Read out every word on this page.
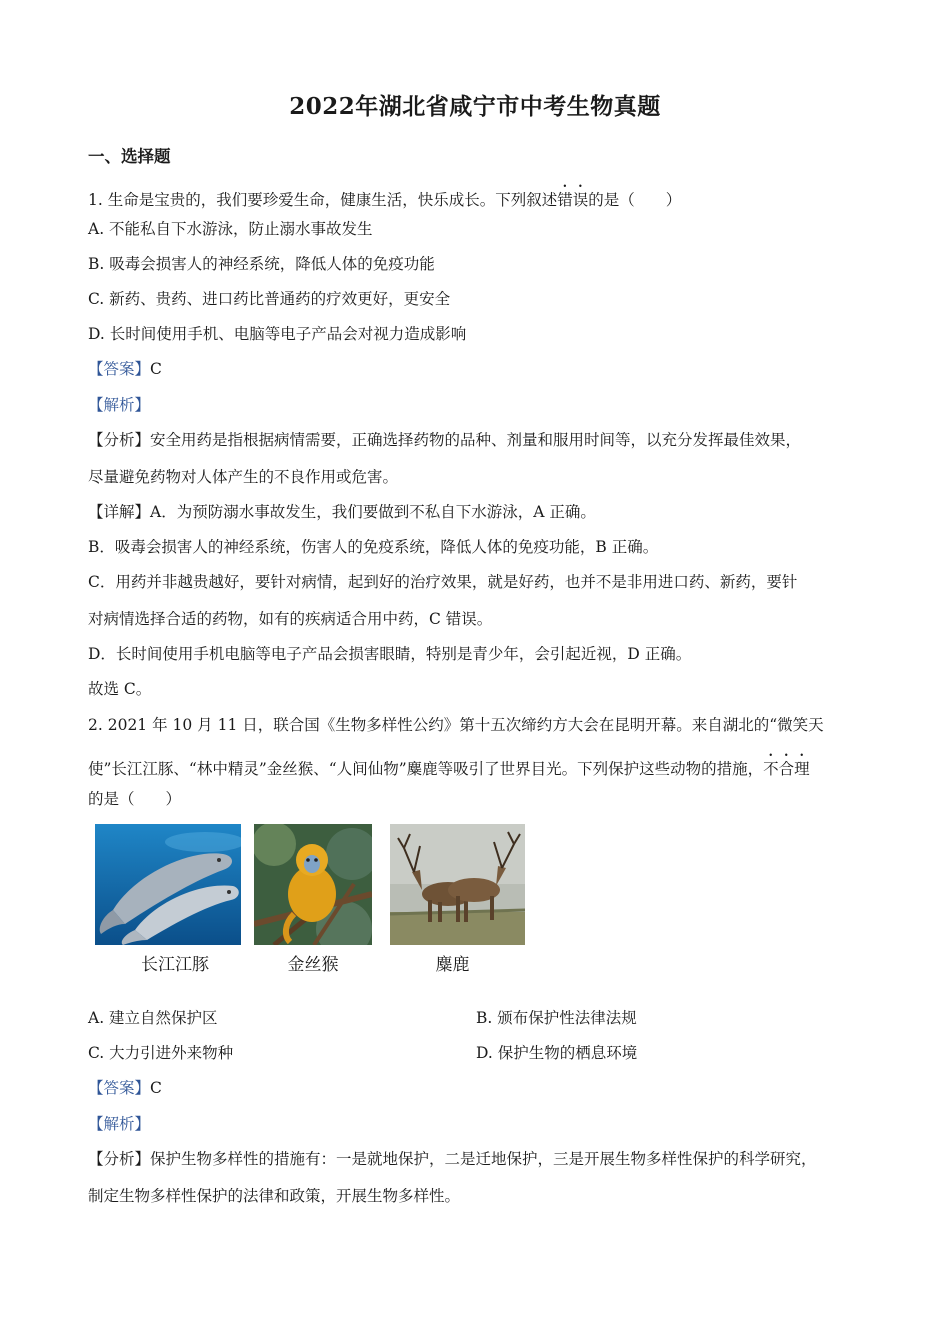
2022年湖北省咸宁市中考生物真题
一、选择题
1. 生命是宝贵的，我们要珍爱生命，健康生活，快乐成长。下列叙述错误的是（　　）
A. 不能私自下水游泳，防止溺水事故发生
B. 吸毒会损害人的神经系统，降低人体的免疫功能
C. 新药、贵药、进口药比普通药的疗效更好，更安全
D. 长时间使用手机、电脑等电子产品会对视力造成影响
【答案】C
【解析】
【分析】安全用药是指根据病情需要，正确选择药物的品种、剂量和服用时间等，以充分发挥最佳效果，
尽量避免药物对人体产生的不良作用或危害。
【详解】A．为预防溺水事故发生，我们要做到不私自下水游泳，A 正确。
B．吸毒会损害人的神经系统，伤害人的免疫系统，降低人体的免疫功能，B 正确。
C．用药并非越贵越好，要针对病情，起到好的治疗效果，就是好药，也并不是非用进口药、新药，要针
对病情选择合适的药物，如有的疾病适合用中药，C 错误。
D．长时间使用手机电脑等电子产品会损害眼睛，特别是青少年，会引起近视，D 正确。
故选 C。
2. 2021 年 10 月 11 日，联合国《生物多样性公约》第十五次缔约方大会在昆明开幕。来自湖北的“微笑天
使”长江江豚、“林中精灵”金丝猴、“人间仙物”麋鹿等吸引了世界目光。下列保护这些动物的措施，不合理
的是（　　）
长江江豚	金丝猴	麋鹿
A. 建立自然保护区	B. 颁布保护性法律法规
C. 大力引进外来物种	D. 保护生物的栖息环境
【答案】C
【解析】
【分析】保护生物多样性的措施有：一是就地保护，二是迁地保护，三是开展生物多样性保护的科学研究，
制定生物多样性保护的法律和政策，开展生物多样性。
